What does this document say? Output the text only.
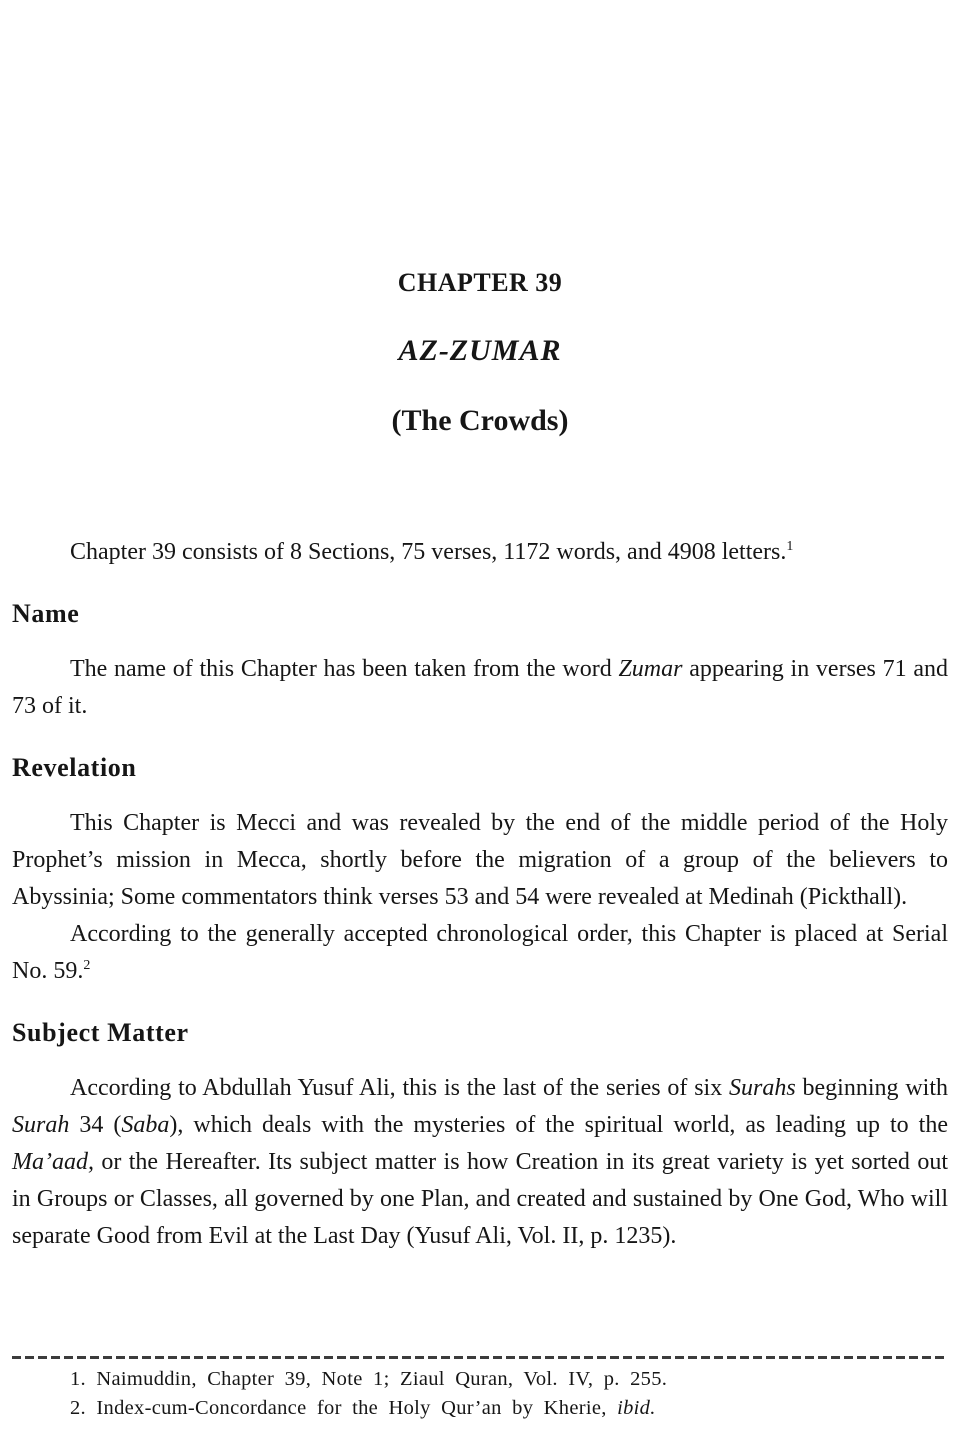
CHAPTER 39
AZ-ZUMAR
(The Crowds)

Chapter 39 consists of 8 Sections, 75 verses, 1172 words, and 4908 letters.$^1$

Name

The name of this Chapter has been taken from the word Zumar appearing in verses 71 and 73 of it.

Revelation

This Chapter is Mecci and was revealed by the end of the middle period of the Holy Prophet’s mission in Mecca, shortly before the migration of a group of the believers to Abyssinia; Some commentators think verses 53 and 54 were revealed at Medinah (Pickthall).

According to the generally accepted chronological order, this Chapter is placed at Serial No. 59.$^2$

Subject Matter

According to Abdullah Yusuf Ali, this is the last of the series of six Surahs beginning with Surah 34 (Saba), which deals with the mysteries of the spiritual world, as leading up to the Ma’aad, or the Hereafter. Its subject matter is how Creation in its great variety is yet sorted out in Groups or Classes, all governed by one Plan, and created and sustained by One God, Who will separate Good from Evil at the Last Day (Yusuf Ali, Vol. II, p. 1235).

1. Naimuddin, Chapter 39, Note 1; Ziaul Quran, Vol. IV, p. 255.
2. Index-cum-Concordance for the Holy Qur’an by Kherie, ibid.
